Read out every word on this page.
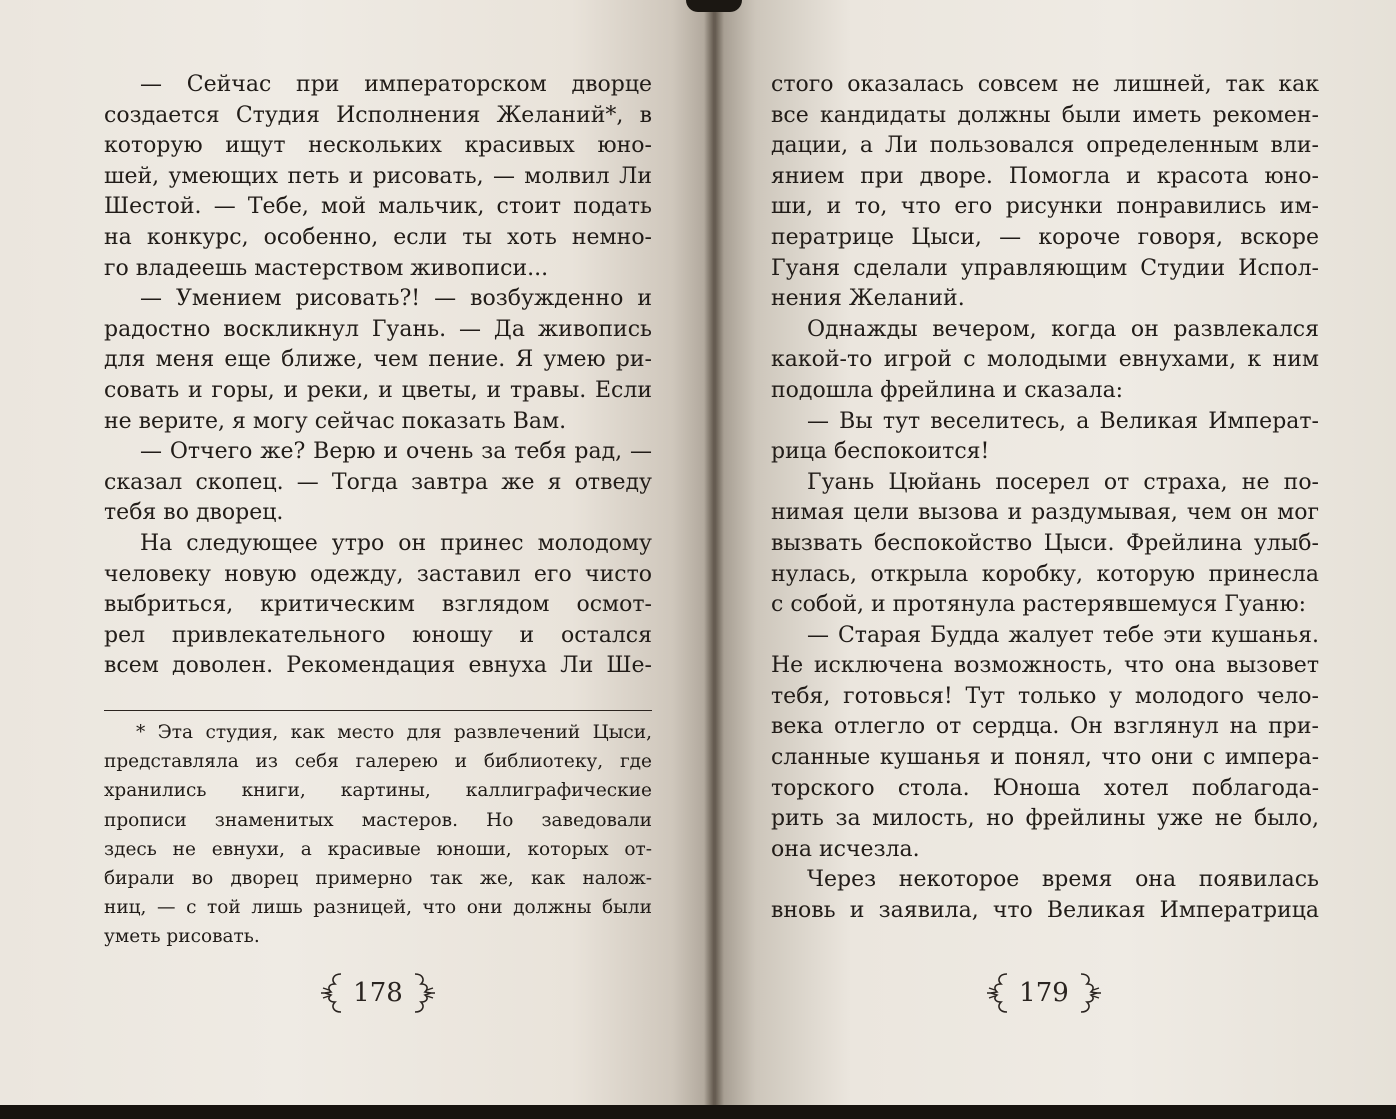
— Сейчас при императорском дворце
создается Студия Исполнения Желаний*, в
которую ищут нескольких красивых юно-
шей, умеющих петь и рисовать, — молвил Ли
Шестой. — Тебе, мой мальчик, стоит подать
на конкурс, особенно, если ты хоть немно-
го владеешь мастерством живописи...
— Умением рисовать?! — возбужденно и
радостно воскликнул Гуань. — Да живопись
для меня еще ближе, чем пение. Я умею ри-
совать и горы, и реки, и цветы, и травы. Если
не верите, я могу сейчас показать Вам.
— Отчего же? Верю и очень за тебя рад, —
сказал скопец. — Тогда завтра же я отведу
тебя во дворец.
На следующее утро он принес молодому
человеку новую одежду, заставил его чисто
выбриться, критическим взглядом осмот-
рел привлекательного юношу и остался
всем доволен. Рекомендация евнуха Ли Ше-
* Эта студия, как место для развлечений Цыси,
представляла из себя галерею и библиотеку, где
хранились книги, картины, каллиграфические
прописи знаменитых мастеров. Но заведовали
здесь не евнухи, а красивые юноши, которых от-
бирали во дворец примерно так же, как налож-
ниц, — с той лишь разницей, что они должны были
уметь рисовать.
178
стого оказалась совсем не лишней, так как
все кандидаты должны были иметь рекомен-
дации, а Ли пользовался определенным вли-
янием при дворе. Помогла и красота юно-
ши, и то, что его рисунки понравились им-
ператрице Цыси, — короче говоря, вскоре
Гуаня сделали управляющим Студии Испол-
нения Желаний.
Однажды вечером, когда он развлекался
какой-то игрой с молодыми евнухами, к ним
подошла фрейлина и сказала:
— Вы тут веселитесь, а Великая Императ-
рица беспокоится!
Гуань Цюйань посерел от страха, не по-
нимая цели вызова и раздумывая, чем он мог
вызвать беспокойство Цыси. Фрейлина улыб-
нулась, открыла коробку, которую принесла
с собой, и протянула растерявшемуся Гуаню:
— Старая Будда жалует тебе эти кушанья.
Не исключена возможность, что она вызовет
тебя, готовься! Тут только у молодого чело-
века отлегло от сердца. Он взглянул на при-
сланные кушанья и понял, что они с импера-
торского стола. Юноша хотел поблагода-
рить за милость, но фрейлины уже не было,
она исчезла.
Через некоторое время она появилась
вновь и заявила, что Великая Императрица
179
